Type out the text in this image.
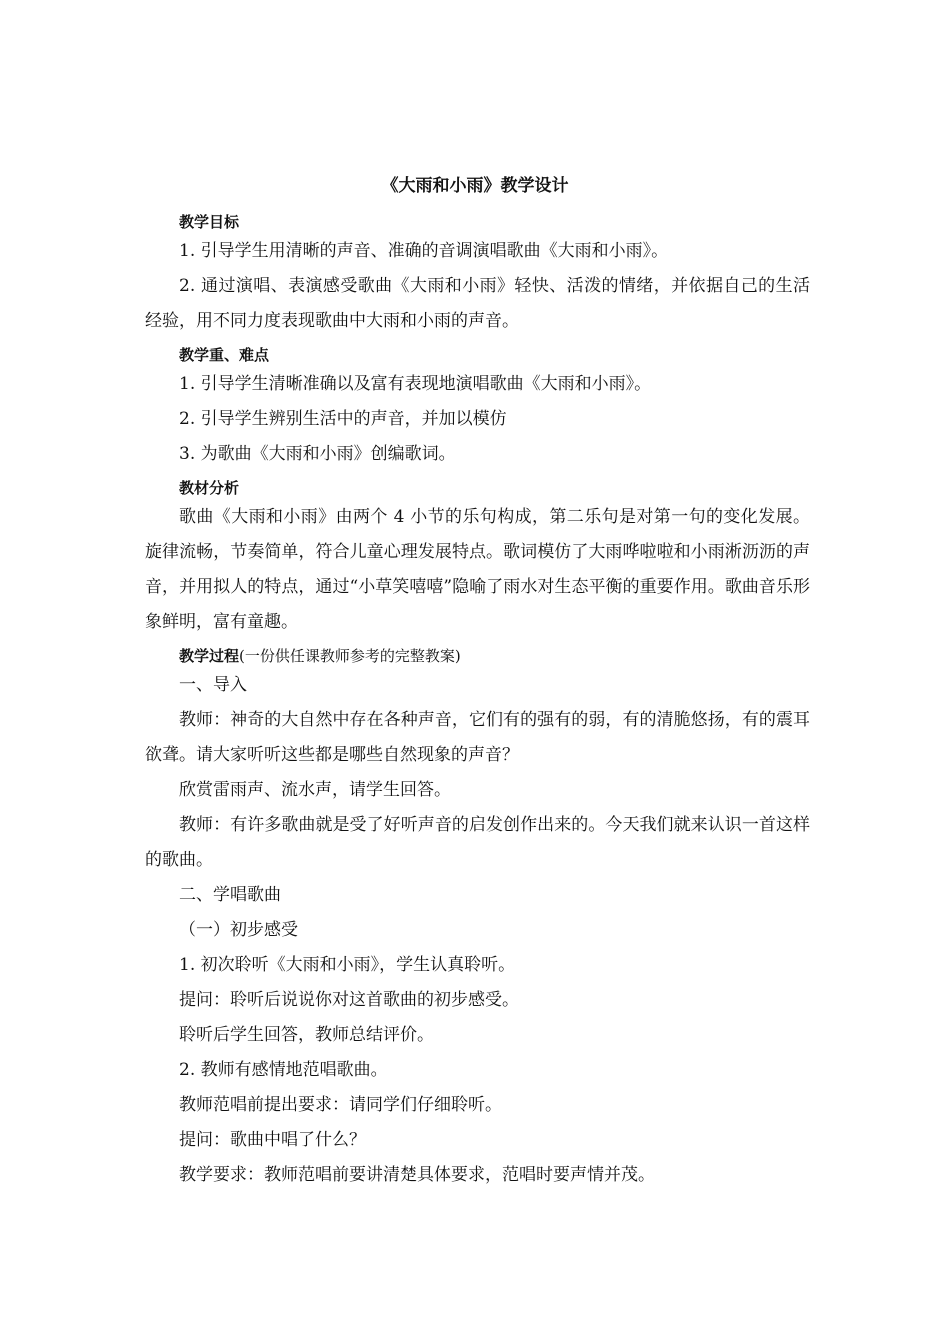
《大雨和小雨》教学设计
教学目标

1. 引导学生用清晰的声音、准确的音调演唱歌曲《大雨和小雨》。

2. 通过演唱、表演感受歌曲《大雨和小雨》轻快、活泼的情绪，并依据自己的生活经验，用不同力度表现歌曲中大雨和小雨的声音。

教学重、难点

1. 引导学生清晰准确以及富有表现地演唱歌曲《大雨和小雨》。

2. 引导学生辨别生活中的声音，并加以模仿

3. 为歌曲《大雨和小雨》创编歌词。

教材分析

歌曲《大雨和小雨》由两个 4 小节的乐句构成，第二乐句是对第一句的变化发展。旋律流畅，节奏简单，符合儿童心理发展特点。歌词模仿了大雨哗啦啦和小雨淅沥沥的声音，并用拟人的特点，通过“小草笑嘻嘻”隐喻了雨水对生态平衡的重要作用。歌曲音乐形象鲜明，富有童趣。

教学过程(一份供任课教师参考的完整教案)

一、导入

教师：神奇的大自然中存在各种声音，它们有的强有的弱，有的清脆悠扬，有的震耳欲聋。请大家听听这些都是哪些自然现象的声音？

欣赏雷雨声、流水声，请学生回答。

教师：有许多歌曲就是受了好听声音的启发创作出来的。今天我们就来认识一首这样的歌曲。

二、学唱歌曲

（一）初步感受

1. 初次聆听《大雨和小雨》，学生认真聆听。

提问：聆听后说说你对这首歌曲的初步感受。

聆听后学生回答，教师总结评价。

2. 教师有感情地范唱歌曲。

教师范唱前提出要求：请同学们仔细聆听。

提问：歌曲中唱了什么？

教学要求：教师范唱前要讲清楚具体要求，范唱时要声情并茂。
